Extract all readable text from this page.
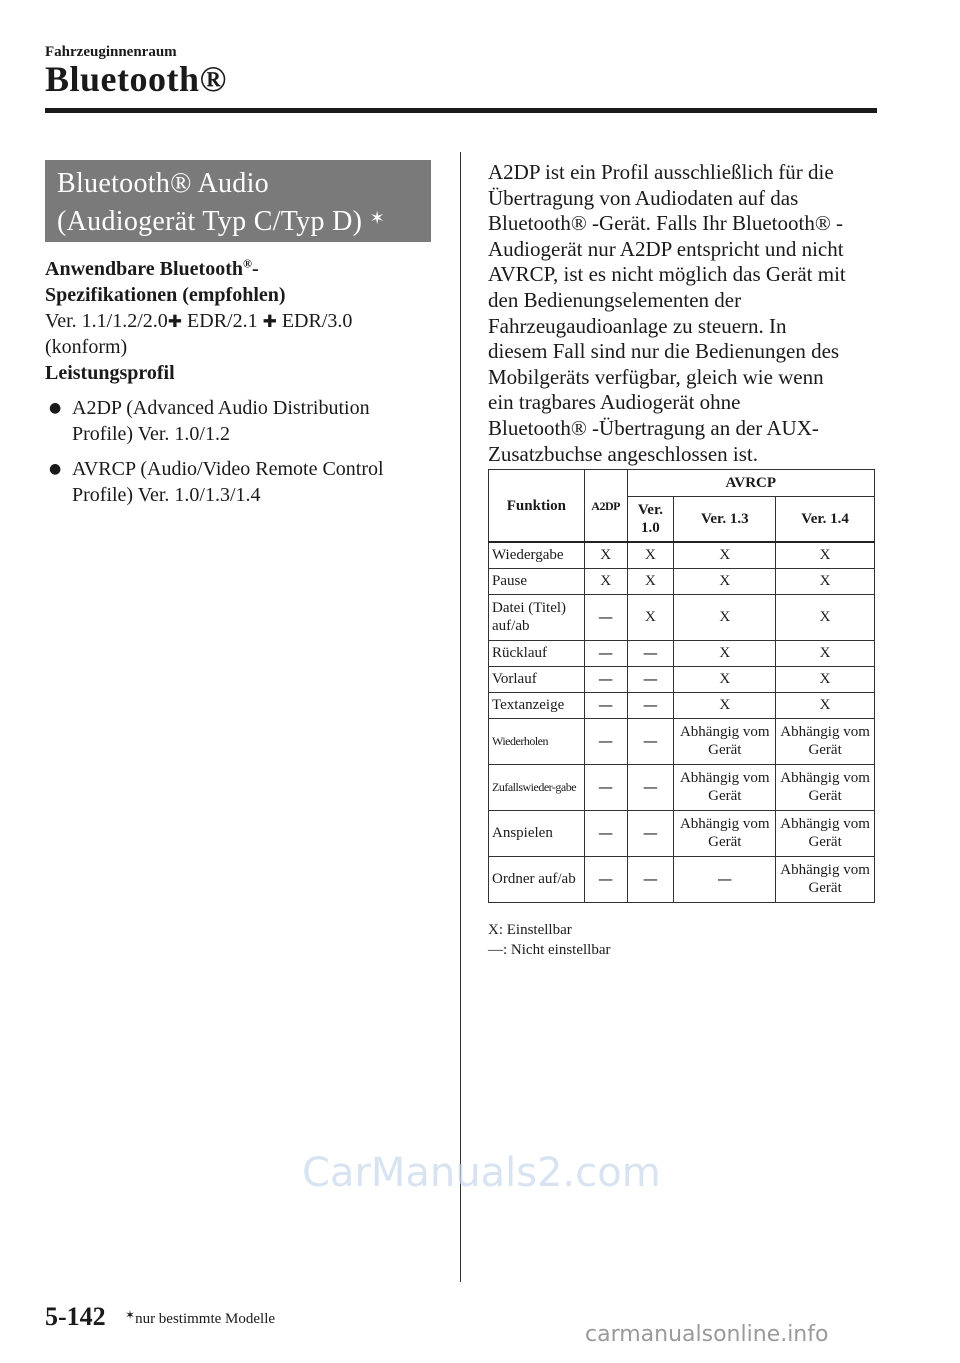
Fahrzeuginnenraum
Bluetooth®
Bluetooth® Audio
(Audiogerät Typ C/Typ D) ✶
Anwendbare Bluetooth®-
Spezifikationen (empfohlen)
Ver. 1.1/1.2/2.0✚ EDR/2.1 ✚ EDR/3.0
(konform)
Leistungsprofil
● A2DP (Advanced Audio Distribution
Profile) Ver. 1.0/1.2
● AVRCP (Audio/Video Remote Control
Profile) Ver. 1.0/1.3/1.4
A2DP ist ein Profil ausschließlich für die
Übertragung von Audiodaten auf das
Bluetooth® -Gerät. Falls Ihr Bluetooth® -
Audiogerät nur A2DP entspricht und nicht
AVRCP, ist es nicht möglich das Gerät mit
den Bedienungselementen der
Fahrzeugaudioanlage zu steuern. In
diesem Fall sind nur die Bedienungen des
Mobilgeräts verfügbar, gleich wie wenn
ein tragbares Audiogerät ohne
Bluetooth® -Übertragung an der AUX-
Zusatzbuchse angeschlossen ist.
Funktion	A2DP	AVRCP		
		Ver. 1.0	Ver. 1.3	Ver. 1.4
Wiedergabe	X	X	X	X
Pause	X	X	X	X
Datei (Titel) auf/ab	—	X	X	X
Rücklauf	—	—	X	X
Vorlauf	—	—	X	X
Textanzeige	—	—	X	X
Wiederholen	—	—	Abhängig vom Gerät	Abhängig vom Gerät
Zufallswieder-gabe	—	—	Abhängig vom Gerät	Abhängig vom Gerät
Anspielen	—	—	Abhängig vom Gerät	Abhängig vom Gerät
Ordner auf/ab	—	—	—	Abhängig vom Gerät
X: Einstellbar
—: Nicht einstellbar
CarManuals2.com
5-142 ✶nur bestimmte Modelle
carmanualsonline.info
